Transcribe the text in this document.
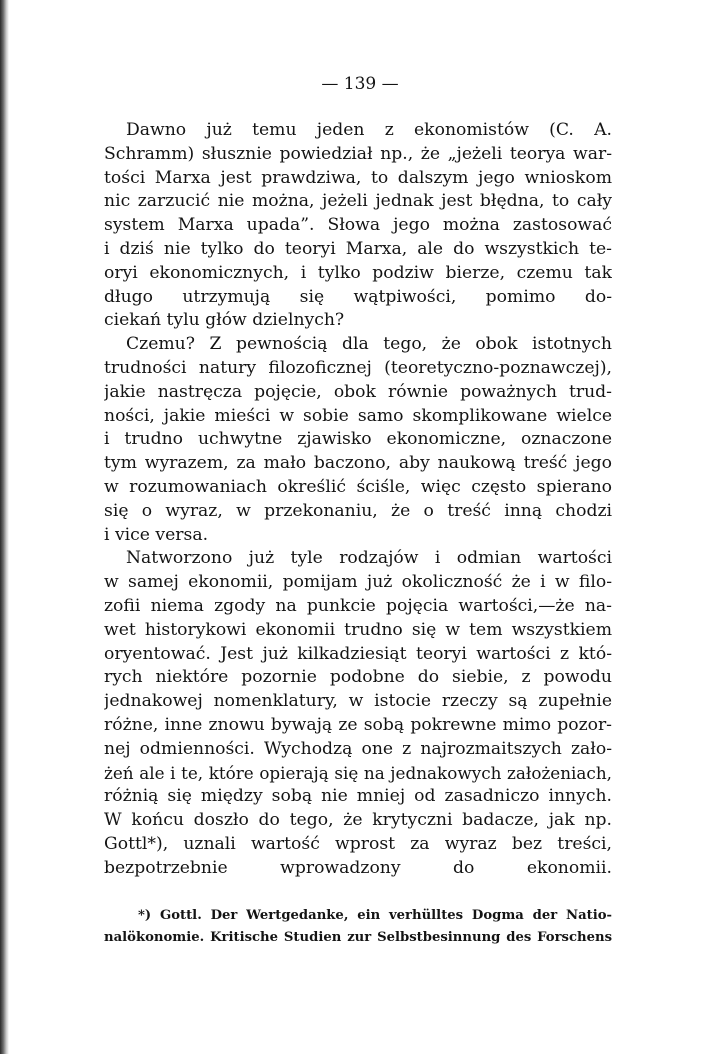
— 139 —
Dawno już temu jeden z ekonomistów (C. A.
Schramm) słusznie powiedział np., że „jeżeli teorya war‑
tości Marxa jest prawdziwa, to dalszym jego wnioskom
nic zarzucić nie można, jeżeli jednak jest błędna, to cały
system Marxa upada”. Słowa jego można zastosować
i dziś nie tylko do teoryi Marxa, ale do wszystkich te‑
oryi ekonomicznych, i tylko podziw bierze, czemu tak
długo utrzymują się wątpiwości, pomimo do‑
ciekań tylu głów dzielnych?
Czemu? Z pewnością dla tego, że obok istotnych
trudności natury filozoficznej (teoretyczno‑poznawczej),
jakie nastręcza pojęcie, obok równie poważnych trud‑
ności, jakie mieści w sobie samo skomplikowane wielce
i trudno uchwytne zjawisko ekonomiczne, oznaczone
tym wyrazem, za mało baczono, aby naukową treść jego
w rozumowaniach określić ściśle, więc często spierano
się o wyraz, w przekonaniu, że o treść inną chodzi
i vice versa.
Natworzono już tyle rodzajów i odmian wartości
w samej ekonomii, pomijam już okoliczność że i w filo‑
zofii niema zgody na punkcie pojęcia wartości,—że na‑
wet historykowi ekonomii trudno się w tem wszystkiem
oryentować. Jest już kilkadziesiąt teoryi wartości z któ‑
rych niektóre pozornie podobne do siebie, z powodu
jednakowej nomenklatury, w istocie rzeczy są zupełnie
różne, inne znowu bywają ze sobą pokrewne mimo pozor‑
nej odmienności. Wychodzą one z najrozmaitszych zało‑
żeń ale i te, które opierają się na jednakowych założeniach,
różnią się między sobą nie mniej od zasadniczo innych.
W końcu doszło do tego, że krytyczni badacze, jak np.
Gottl*), uznali wartość wprost za wyraz bez treści,
bezpotrzebnie wprowadzony do ekonomii.
*) Gottl. Der Wertgedanke, ein verhülltes Dogma der Natio‑
nalökonomie. Kritische Studien zur Selbstbesinnung des Forschens
